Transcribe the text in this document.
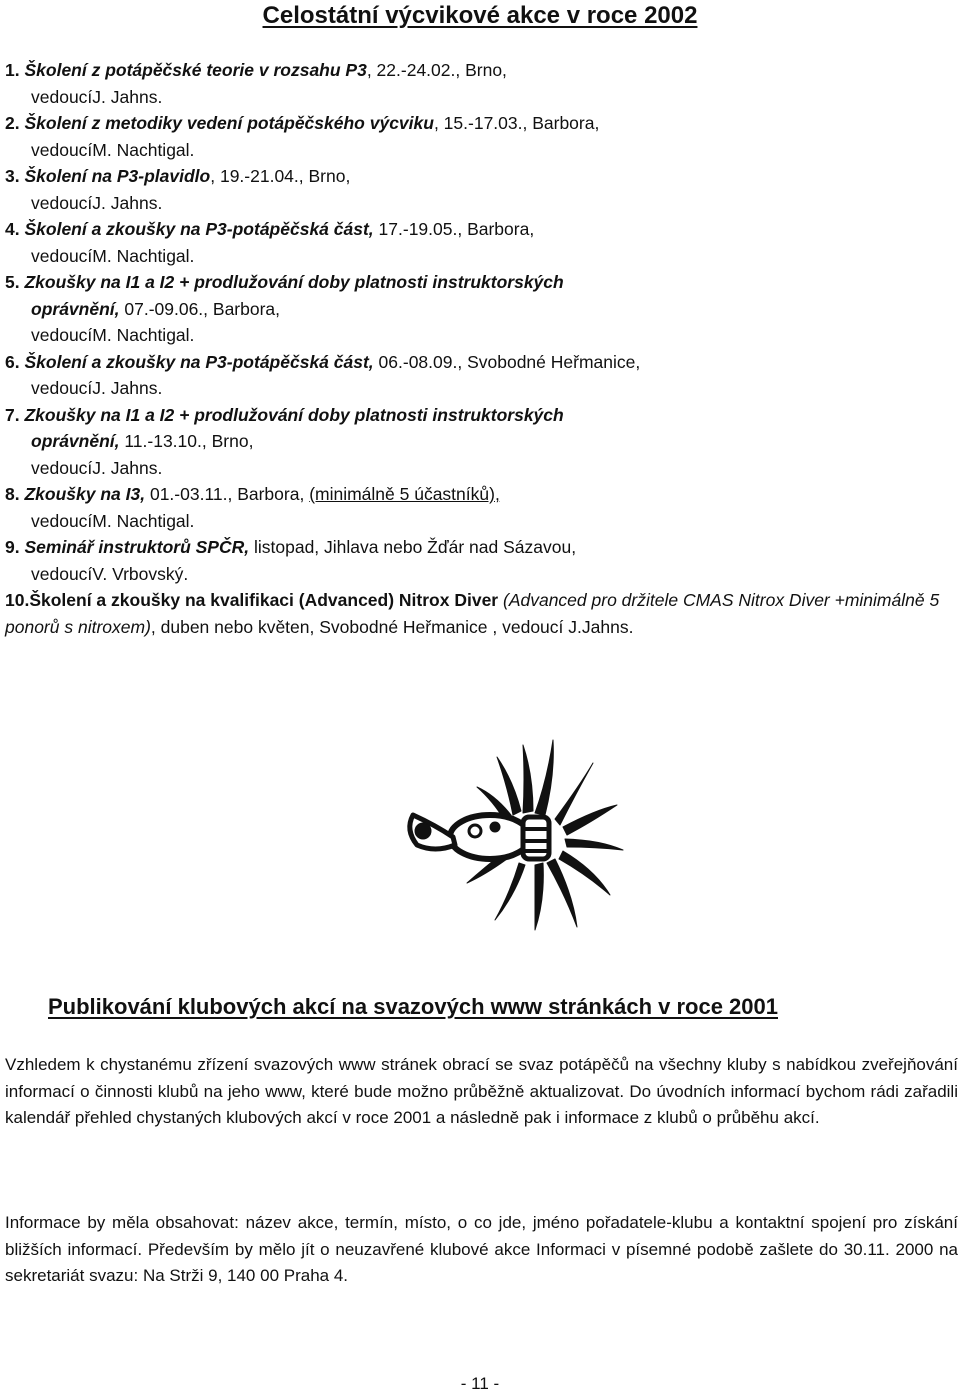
Celostátní výcvikové akce v roce 2002
1. Školení z potápěčské teorie v rozsahu P3, 22.-24.02., Brno,
vedoucíJ. Jahns.
2. Školení z metodiky vedení potápěčského výcviku, 15.-17.03., Barbora,
vedoucíM. Nachtigal.
3. Školení na P3-plavidlo, 19.-21.04., Brno,
vedoucíJ. Jahns.
4. Školení a zkoušky na P3-potápěčská část, 17.-19.05., Barbora,
vedoucíM. Nachtigal.
5. Zkoušky na I1 a I2 + prodlužování doby platnosti instruktorských
oprávnění, 07.-09.06., Barbora,
vedoucíM. Nachtigal.
6. Školení a zkoušky na P3-potápěčská část, 06.-08.09., Svobodné Heřmanice,
vedoucíJ. Jahns.
7. Zkoušky na I1 a I2 + prodlužování doby platnosti instruktorských
oprávnění, 11.-13.10., Brno,
vedoucíJ. Jahns.
8. Zkoušky na I3, 01.-03.11., Barbora, (minimálně 5 účastníků),
vedoucíM. Nachtigal.
9. Seminář instruktorů SPČR, listopad, Jihlava nebo Žďár nad Sázavou,
vedoucíV. Vrbovský.
10.Školení a zkoušky na kvalifikaci (Advanced) Nitrox Diver (Advanced pro držitele CMAS Nitrox Diver +minimálně 5 ponorů s nitroxem), duben nebo květen, Svobodné Heřmanice , vedoucí J.Jahns.
Publikování klubových akcí na svazových www stránkách v roce 2001

Vzhledem k chystanému zřízení svazových www stránek obrací se svaz potápěčů na všechny kluby s nabídkou zveřejňování informací o činnosti klubů na jeho www, které bude možno průběžně aktualizovat. Do úvodních informací bychom rádi zařadili kalendář přehled chystaných klubových akcí v roce 2001 a následně pak i informace z klubů o průběhu akcí.

Informace by měla obsahovat: název akce, termín, místo, o co jde, jméno pořadatele-klubu a kontaktní spojení pro získání bližších informací. Především by mělo jít o neuzavřené klubové akce Informaci v písemné podobě zašlete do 30.11. 2000 na sekretariát svazu: Na Strži 9, 140 00 Praha 4.

- 11 -
